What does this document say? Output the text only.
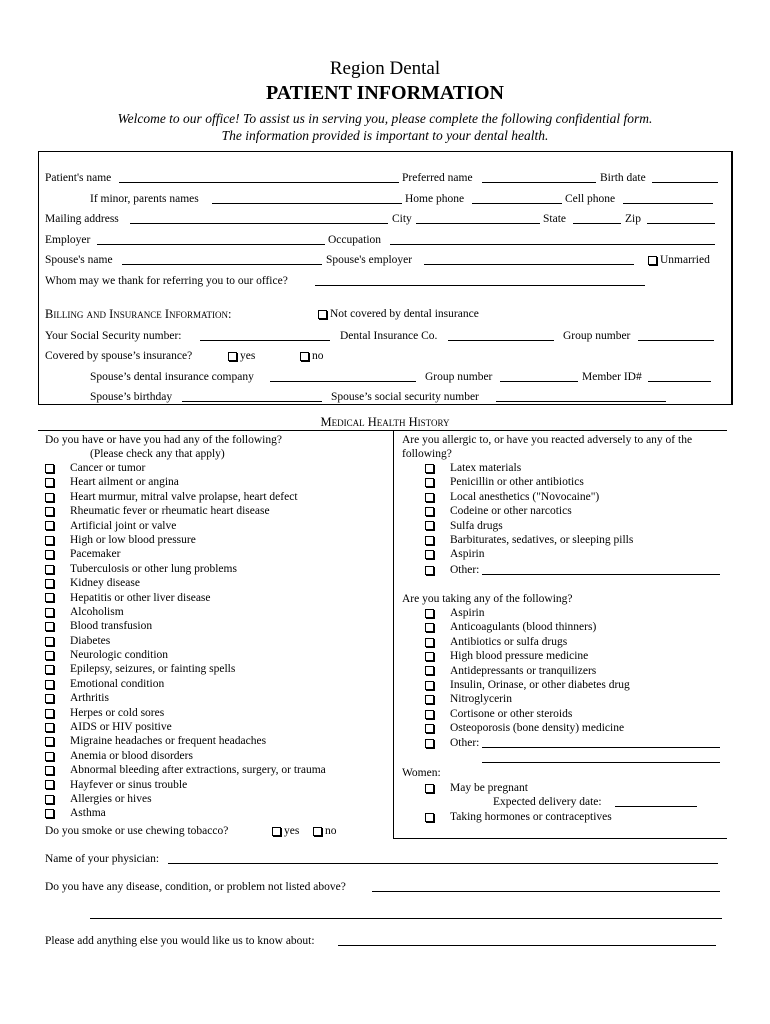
Region Dental
PATIENT INFORMATION
Welcome to our office! To assist us in serving you, please complete the following confidential form.
The information provided is important to your dental health.
Patient's name	Preferred name	Birth date
If minor, parents names	Home phone	Cell phone
Mailing address	City	State	Zip
Employer	Occupation
Spouse's name	Spouse's employer	Unmarried
Whom may we thank for referring you to our office?
Billing and Insurance Information:	Not covered by dental insurance
Your Social Security number:	Dental Insurance Co.	Group number
Covered by spouse’s insurance?	yes	no
Spouse’s dental insurance company	Group number	Member ID#
Spouse’s birthday	Spouse’s social security number
Medical Health History
Do you have or have you had any of the following?
(Please check any that apply)
Cancer or tumor
Heart ailment or angina
Heart murmur, mitral valve prolapse, heart defect
Rheumatic fever or rheumatic heart disease
Artificial joint or valve
High or low blood pressure
Pacemaker
Tuberculosis or other lung problems
Kidney disease
Hepatitis or other liver disease
Alcoholism
Blood transfusion
Diabetes
Neurologic condition
Epilepsy, seizures, or fainting spells
Emotional condition
Arthritis
Herpes or cold sores
AIDS or HIV positive
Migraine headaches or frequent headaches
Anemia or blood disorders
Abnormal bleeding after extractions, surgery, or trauma
Hayfever or sinus trouble
Allergies or hives
Asthma
Do you smoke or use chewing tobacco?	yes	no
Are you allergic to, or have you reacted adversely to any of the
following?
Latex materials
Penicillin or other antibiotics
Local anesthetics ("Novocaine")
Codeine or other narcotics
Sulfa drugs
Barbiturates, sedatives, or sleeping pills
Aspirin
Other:
Are you taking any of the following?
Aspirin
Anticoagulants (blood thinners)
Antibiotics or sulfa drugs
High blood pressure medicine
Antidepressants or tranquilizers
Insulin, Orinase, or other diabetes drug
Nitroglycerin
Cortisone or other steroids
Osteoporosis (bone density) medicine
Other:
Women:
May be pregnant
Expected delivery date:
Taking hormones or contraceptives
Name of your physician:
Do you have any disease, condition, or problem not listed above?
Please add anything else you would like us to know about:
